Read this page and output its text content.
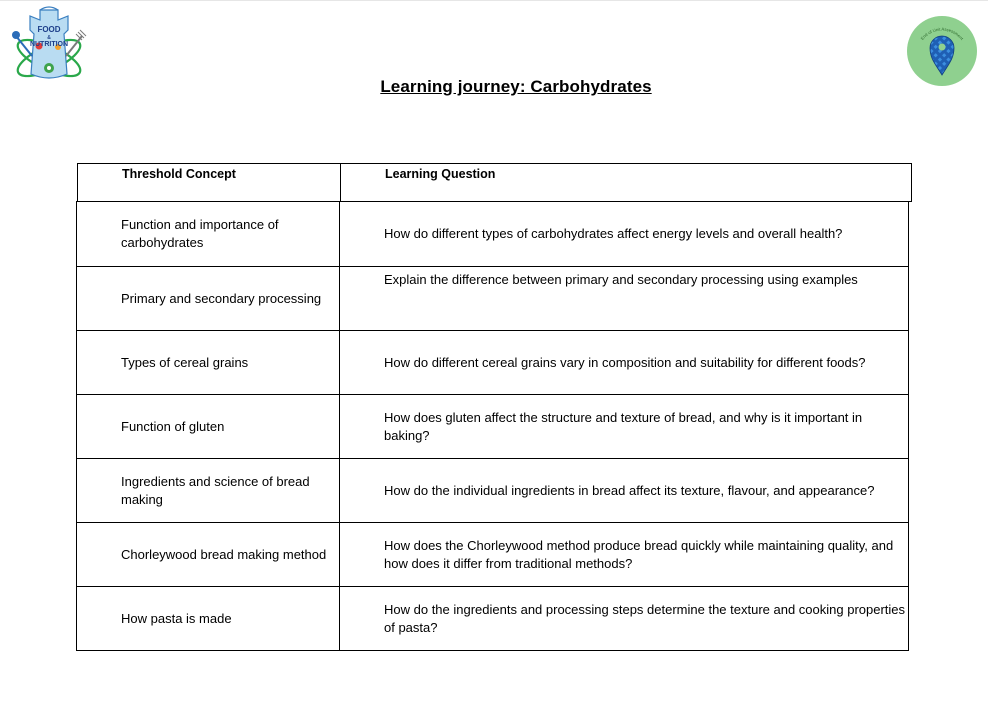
FOOD
&
NUTRITION
End of Unit Assessment
Learning journey: Carbohydrates
Threshold Concept	Learning Question
Function and importance of carbohydrates	How do different types of carbohydrates affect energy levels and overall health?
Primary and secondary processing	Explain the difference between primary and secondary processing using examples
Types of cereal grains	How do different cereal grains vary in composition and suitability for different foods?
Function of gluten	How does gluten affect the structure and texture of bread, and why is it important in baking?
Ingredients and science of bread making	How do the individual ingredients in bread affect its texture, flavour, and appearance?
Chorleywood bread making method	How does the Chorleywood method produce bread quickly while maintaining quality, and how does it differ from traditional methods?
How pasta is made	How do the ingredients and processing steps determine the texture and cooking properties of pasta?
